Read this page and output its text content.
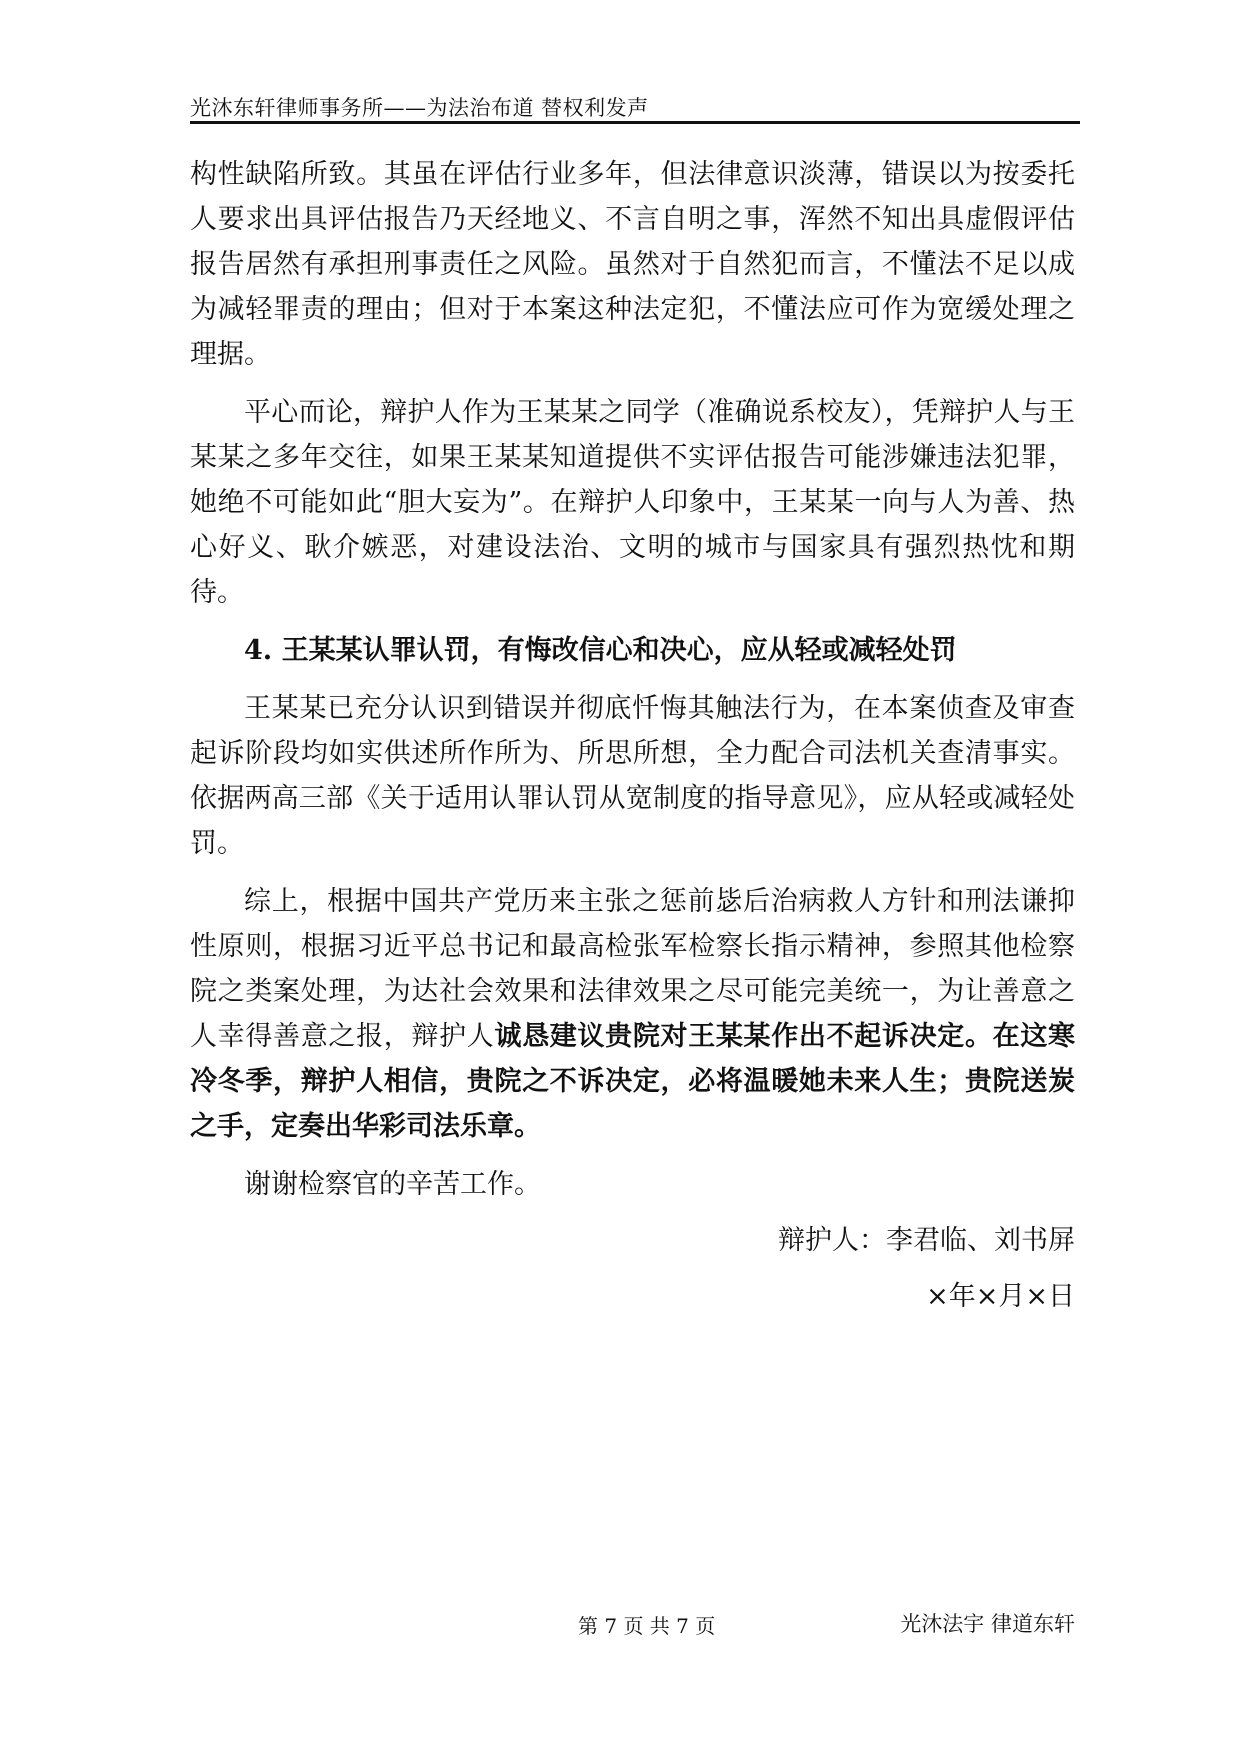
光沐东轩律师事务所——为法治布道 替权利发声

构性缺陷所致。其虽在评估行业多年，但法律意识淡薄，错误以为按委托人要求出具评估报告乃天经地义、不言自明之事，浑然不知出具虚假评估报告居然有承担刑事责任之风险。虽然对于自然犯而言，不懂法不足以成为减轻罪责的理由；但对于本案这种法定犯，不懂法应可作为宽缓处理之理据。

平心而论，辩护人作为王某某之同学（准确说系校友），凭辩护人与王某某之多年交往，如果王某某知道提供不实评估报告可能涉嫌违法犯罪，她绝不可能如此“胆大妄为”。在辩护人印象中，王某某一向与人为善、热心好义、耿介嫉恶，对建设法治、文明的城市与国家具有强烈热忱和期待。

4. 王某某认罪认罚，有悔改信心和决心，应从轻或减轻处罚

王某某已充分认识到错误并彻底忏悔其触法行为，在本案侦查及审查起诉阶段均如实供述所作所为、所思所想，全力配合司法机关查清事实。依据两高三部《关于适用认罪认罚从宽制度的指导意见》，应从轻或减轻处罚。

综上，根据中国共产党历来主张之惩前毖后治病救人方针和刑法谦抑性原则，根据习近平总书记和最高检张军检察长指示精神，参照其他检察院之类案处理，为达社会效果和法律效果之尽可能完美统一，为让善意之人幸得善意之报，辩护人诚恳建议贵院对王某某作出不起诉决定。在这寒冷冬季，辩护人相信，贵院之不诉决定，必将温暖她未来人生；贵院送炭之手，定奏出华彩司法乐章。

谢谢检察官的辛苦工作。

辩护人：李君临、刘书屏

×年×月×日

第 7 页 共 7 页	光沐法宇 律道东轩
